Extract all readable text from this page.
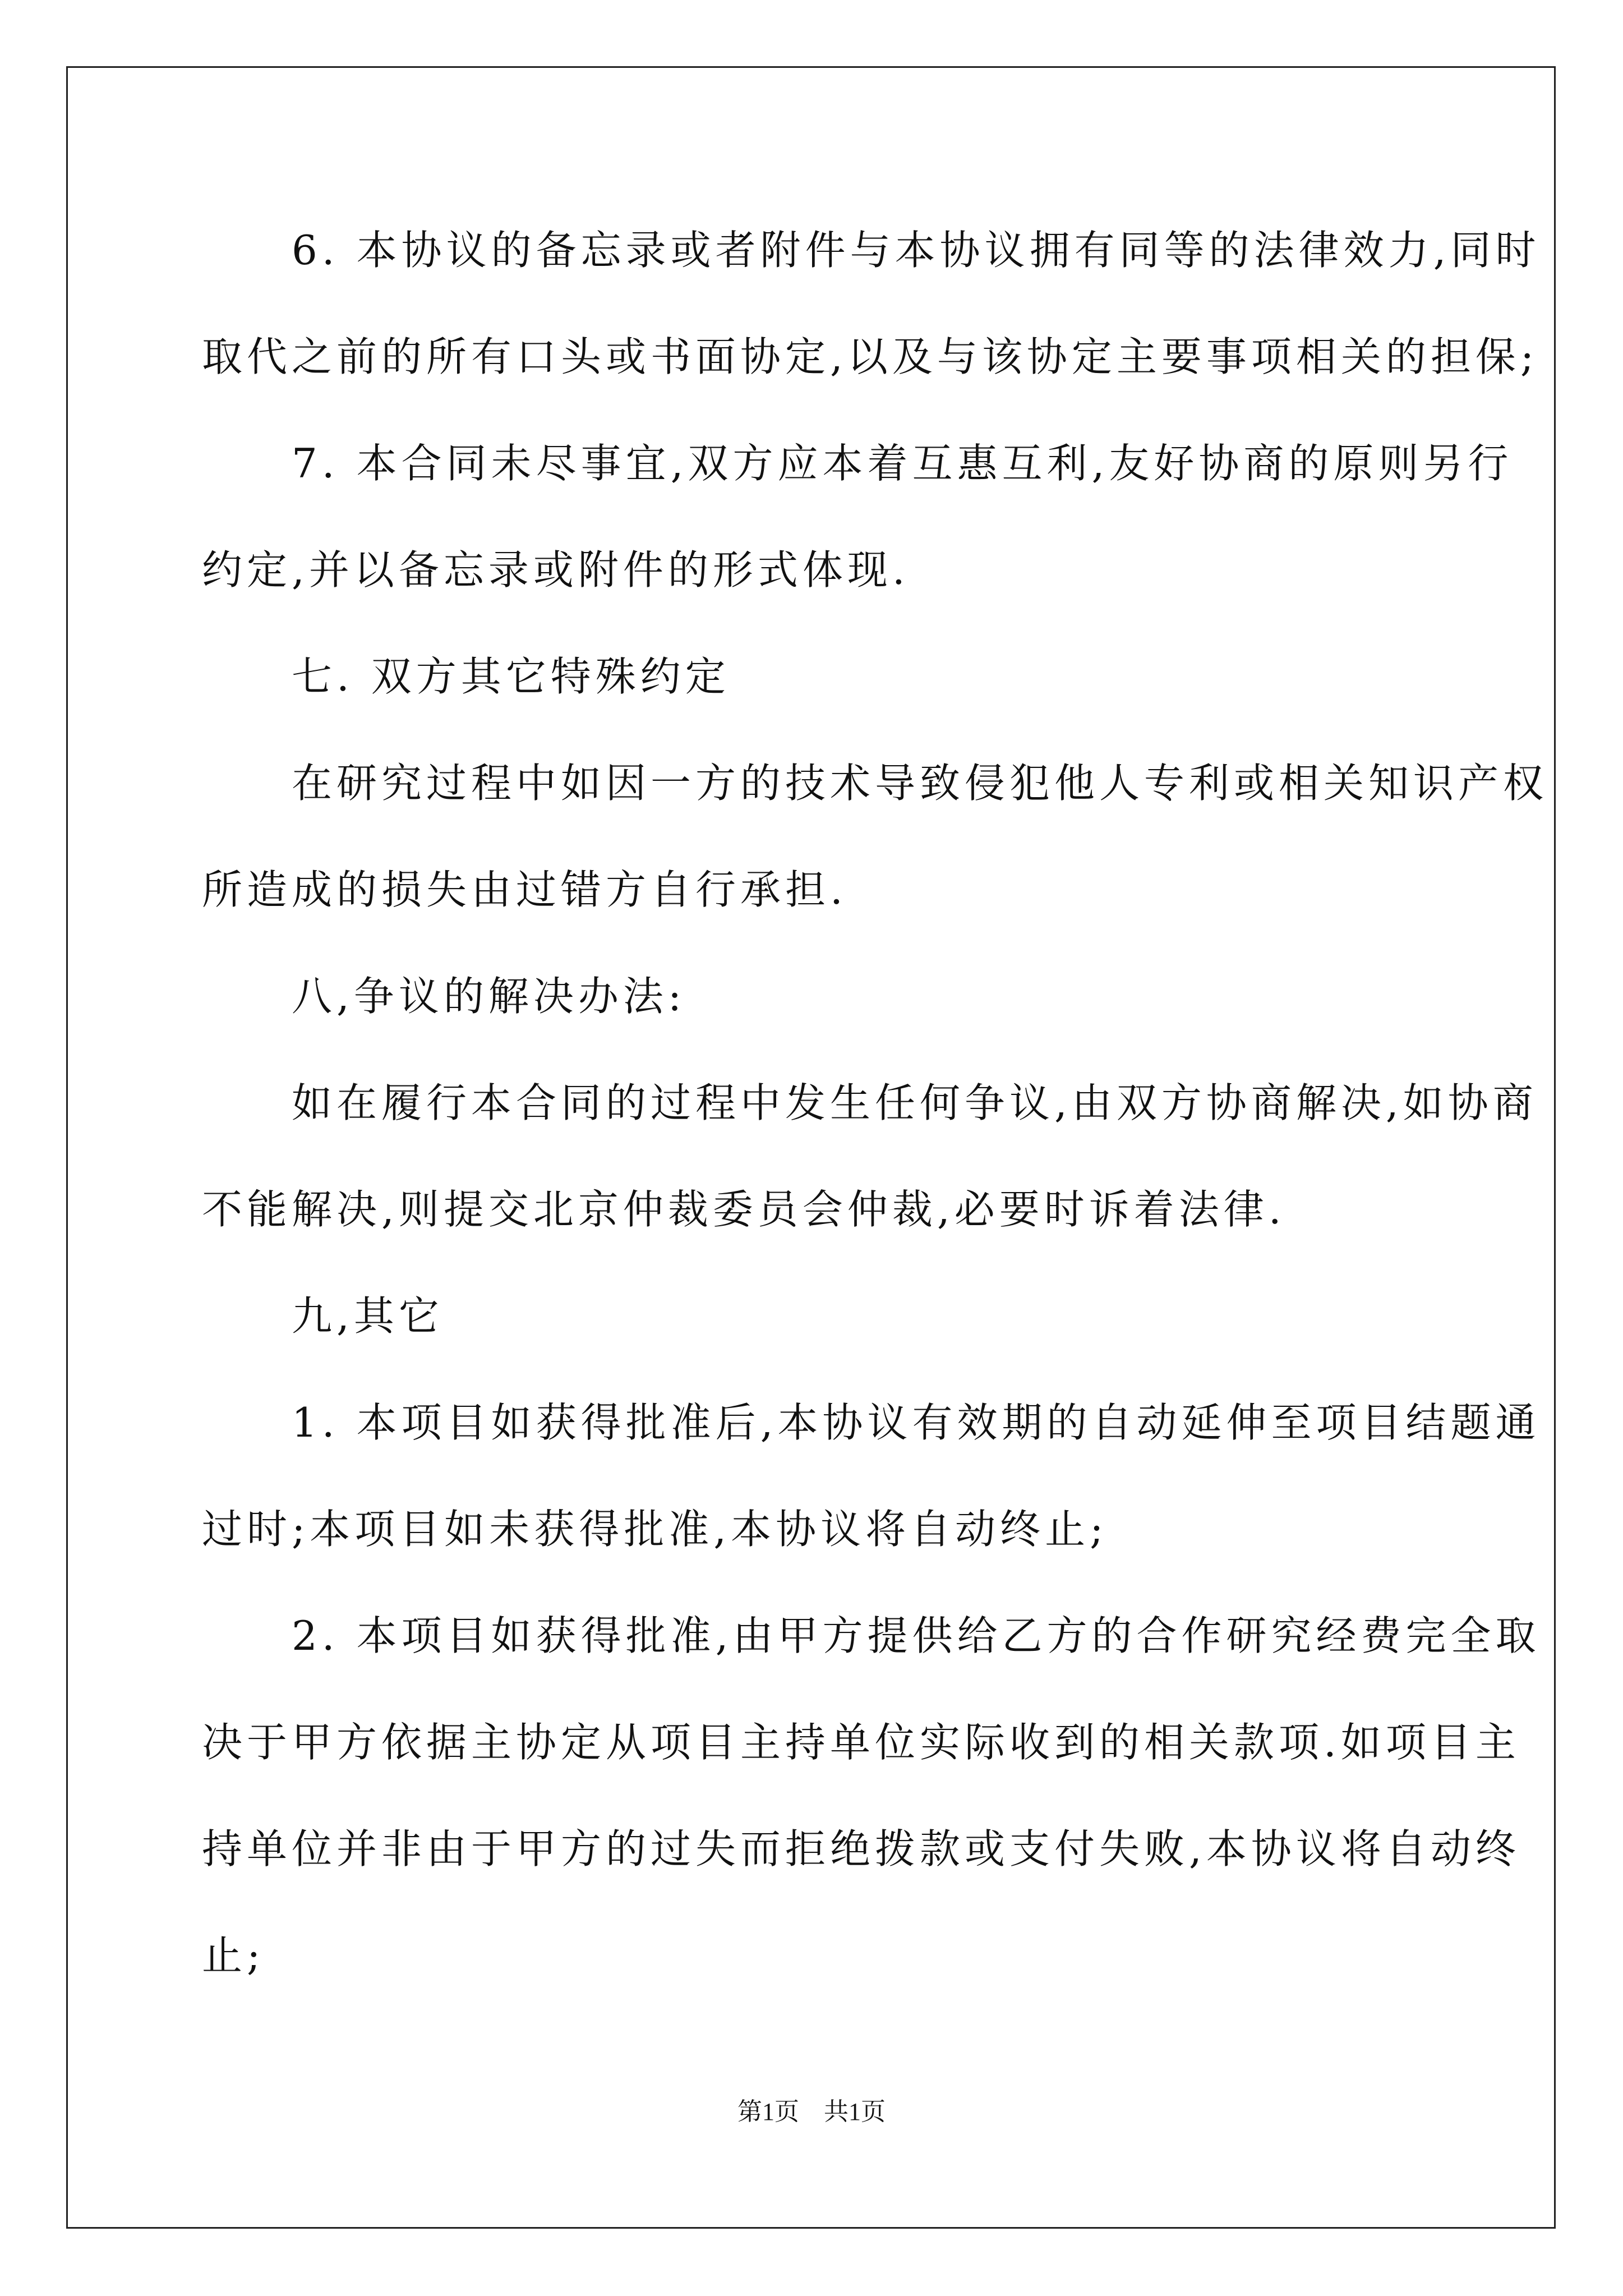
　　6. 本协议的备忘录或者附件与本协议拥有同等的法律效力,同时
取代之前的所有口头或书面协定,以及与该协定主要事项相关的担保;
　　7. 本合同未尽事宜,双方应本着互惠互利,友好协商的原则另行
约定,并以备忘录或附件的形式体现.
　　七. 双方其它特殊约定
　　在研究过程中如因一方的技术导致侵犯他人专利或相关知识产权
所造成的损失由过错方自行承担.
　　八,争议的解决办法:
　　如在履行本合同的过程中发生任何争议,由双方协商解决,如协商
不能解决,则提交北京仲裁委员会仲裁,必要时诉着法律.
　　九,其它
　　1. 本项目如获得批准后,本协议有效期的自动延伸至项目结题通
过时;本项目如未获得批准,本协议将自动终止;
　　2. 本项目如获得批准,由甲方提供给乙方的合作研究经费完全取
决于甲方依据主协定从项目主持单位实际收到的相关款项.如项目主
持单位并非由于甲方的过失而拒绝拨款或支付失败,本协议将自动终
止;
第1页　共1页
